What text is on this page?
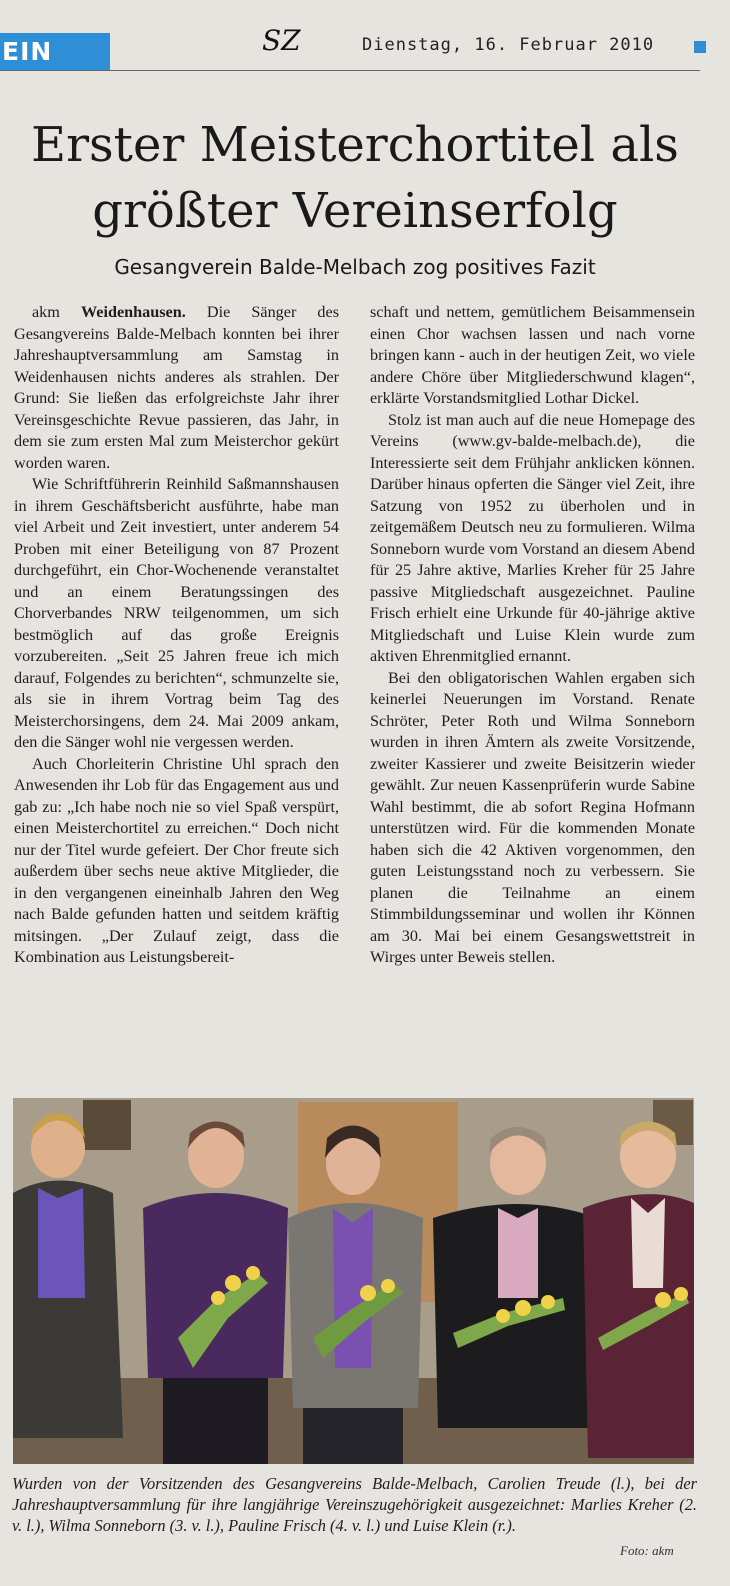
EIN	SZ	Dienstag, 16. Februar 2010
Erster Meisterchortitel als
größter Vereinserfolg
Gesangverein Balde-Melbach zog positives Fazit

akm Weidenhausen. Die Sänger des Gesangvereins Balde-Melbach konnten bei ihrer Jahreshauptversammlung am Samstag in Weidenhausen nichts anderes als strahlen. Der Grund: Sie ließen das erfolgreichste Jahr ihrer Vereinsgeschichte Revue passieren, das Jahr, in dem sie zum ersten Mal zum Meisterchor gekürt worden waren.

Wie Schriftführerin Reinhild Saßmannshausen in ihrem Geschäftsbericht ausführte, habe man viel Arbeit und Zeit investiert, unter anderem 54 Proben mit einer Beteiligung von 87 Prozent durchgeführt, ein Chor-Wochenende veranstaltet und an einem Beratungssingen des Chorverbandes NRW teilgenommen, um sich bestmöglich auf das große Ereignis vorzubereiten. „Seit 25 Jahren freue ich mich darauf, Folgendes zu berichten“, schmunzelte sie, als sie in ihrem Vortrag beim Tag des Meisterchorsingens, dem 24. Mai 2009 ankam, den die Sänger wohl nie vergessen werden.

Auch Chorleiterin Christine Uhl sprach den Anwesenden ihr Lob für das Engagement aus und gab zu: „Ich habe noch nie so viel Spaß verspürt, einen Meisterchortitel zu erreichen.“ Doch nicht nur der Titel wurde gefeiert. Der Chor freute sich außerdem über sechs neue aktive Mitglieder, die in den vergangenen eineinhalb Jahren den Weg nach Balde gefunden hatten und seitdem kräftig mitsingen. „Der Zulauf zeigt, dass die Kombination aus Leistungsbereit-

schaft und nettem, gemütlichem Beisammensein einen Chor wachsen lassen und nach vorne bringen kann - auch in der heutigen Zeit, wo viele andere Chöre über Mitgliederschwund klagen“, erklärte Vorstandsmitglied Lothar Dickel.

Stolz ist man auch auf die neue Homepage des Vereins (www.gv-balde-melbach.de), die Interessierte seit dem Frühjahr anklicken können. Darüber hinaus opferten die Sänger viel Zeit, ihre Satzung von 1952 zu überholen und in zeitgemäßem Deutsch neu zu formulieren. Wilma Sonneborn wurde vom Vorstand an diesem Abend für 25 Jahre aktive, Marlies Kreher für 25 Jahre passive Mitgliedschaft ausgezeichnet. Pauline Frisch erhielt eine Urkunde für 40-jährige aktive Mitgliedschaft und Luise Klein wurde zum aktiven Ehrenmitglied ernannt.

Bei den obligatorischen Wahlen ergaben sich keinerlei Neuerungen im Vorstand. Renate Schröter, Peter Roth und Wilma Sonneborn wurden in ihren Ämtern als zweite Vorsitzende, zweiter Kassierer und zweite Beisitzerin wieder gewählt. Zur neuen Kassenprüferin wurde Sabine Wahl bestimmt, die ab sofort Regina Hofmann unterstützen wird. Für die kommenden Monate haben sich die 42 Aktiven vorgenommen, den guten Leistungsstand noch zu verbessern. Sie planen die Teilnahme an einem Stimmbildungsseminar und wollen ihr Können am 30. Mai bei einem Gesangswettstreit in Wirges unter Beweis stellen.

Wurden von der Vorsitzenden des Gesangvereins Balde-Melbach, Carolien Treude (l.), bei der Jahreshauptversammlung für ihre langjährige Vereinszugehörigkeit ausgezeichnet: Marlies Kreher (2. v. l.), Wilma Sonneborn (3. v. l.), Pauline Frisch (4. v. l.) und Luise Klein (r.).
Foto: akm
